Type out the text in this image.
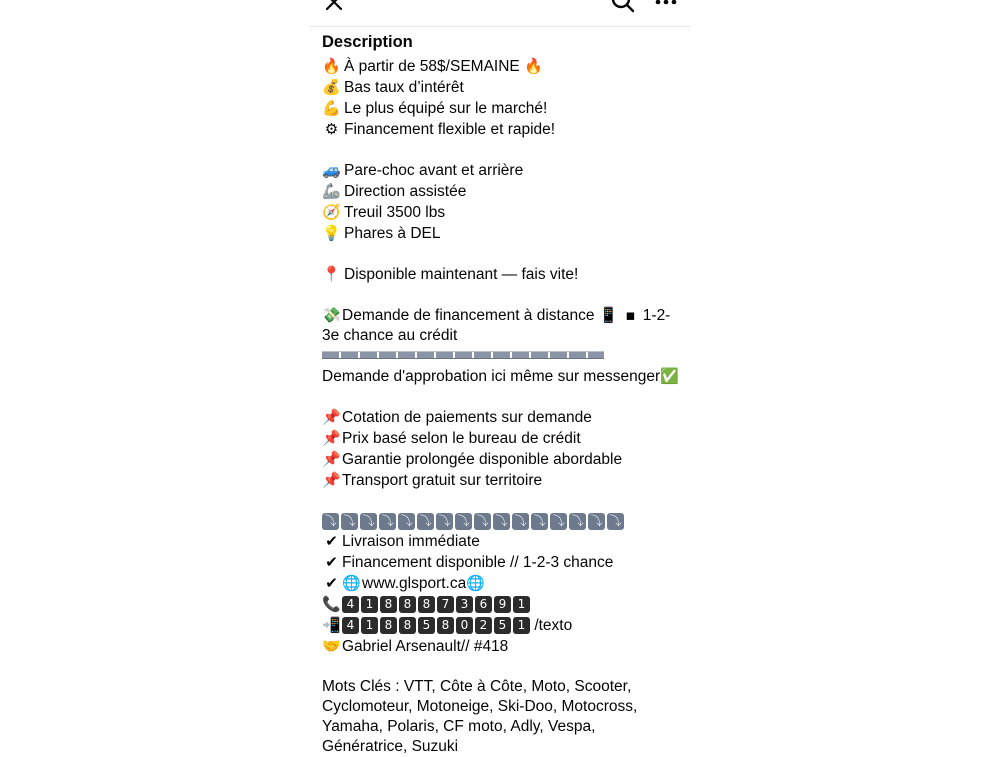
Description
🔥 À partir de 58$/SEMAINE 🔥
💰 Bas taux d’intérêt
💪 Le plus équipé sur le marché!
⚙ Financement flexible et rapide!
🚙 Pare-choc avant et arrière
🦾 Direction assistée
🧭 Treuil 3500 lbs
💡 Phares à DEL
📍 Disponible maintenant — fais vite!
💸Demande de financement à distance 📱 ▪ 1-2-3e chance au crédit
Demande d'approbation ici même sur messenger✅
📌Cotation de paiements sur demande
📌Prix basé selon le bureau de crédit
📌Garantie prolongée disponible abordable
📌Transport gratuit sur territoire
⤵ ⤵ ⤵ ⤵ ⤵ ⤵ ⤵ ⤵ ⤵ ⤵ ⤵ ⤵ ⤵ ⤵ ⤵ ⤵
✔ Livraison immédiate
✔ Financement disponible // 1-2-3 chance
✔ 🌐www.glsport.ca🌐
📞 4 1 8 8 8 7 3 6 9 1
📲 4 1 8 8 5 8 0 2 5 1 /texto
🤝Gabriel Arsenault// #418
Mots Clés : VTT, Côte à Côte, Moto, Scooter, Cyclomoteur, Motoneige, Ski-Doo, Motocross, Yamaha, Polaris, CF moto, Adly, Vespa, Génératrice, Suzuki
